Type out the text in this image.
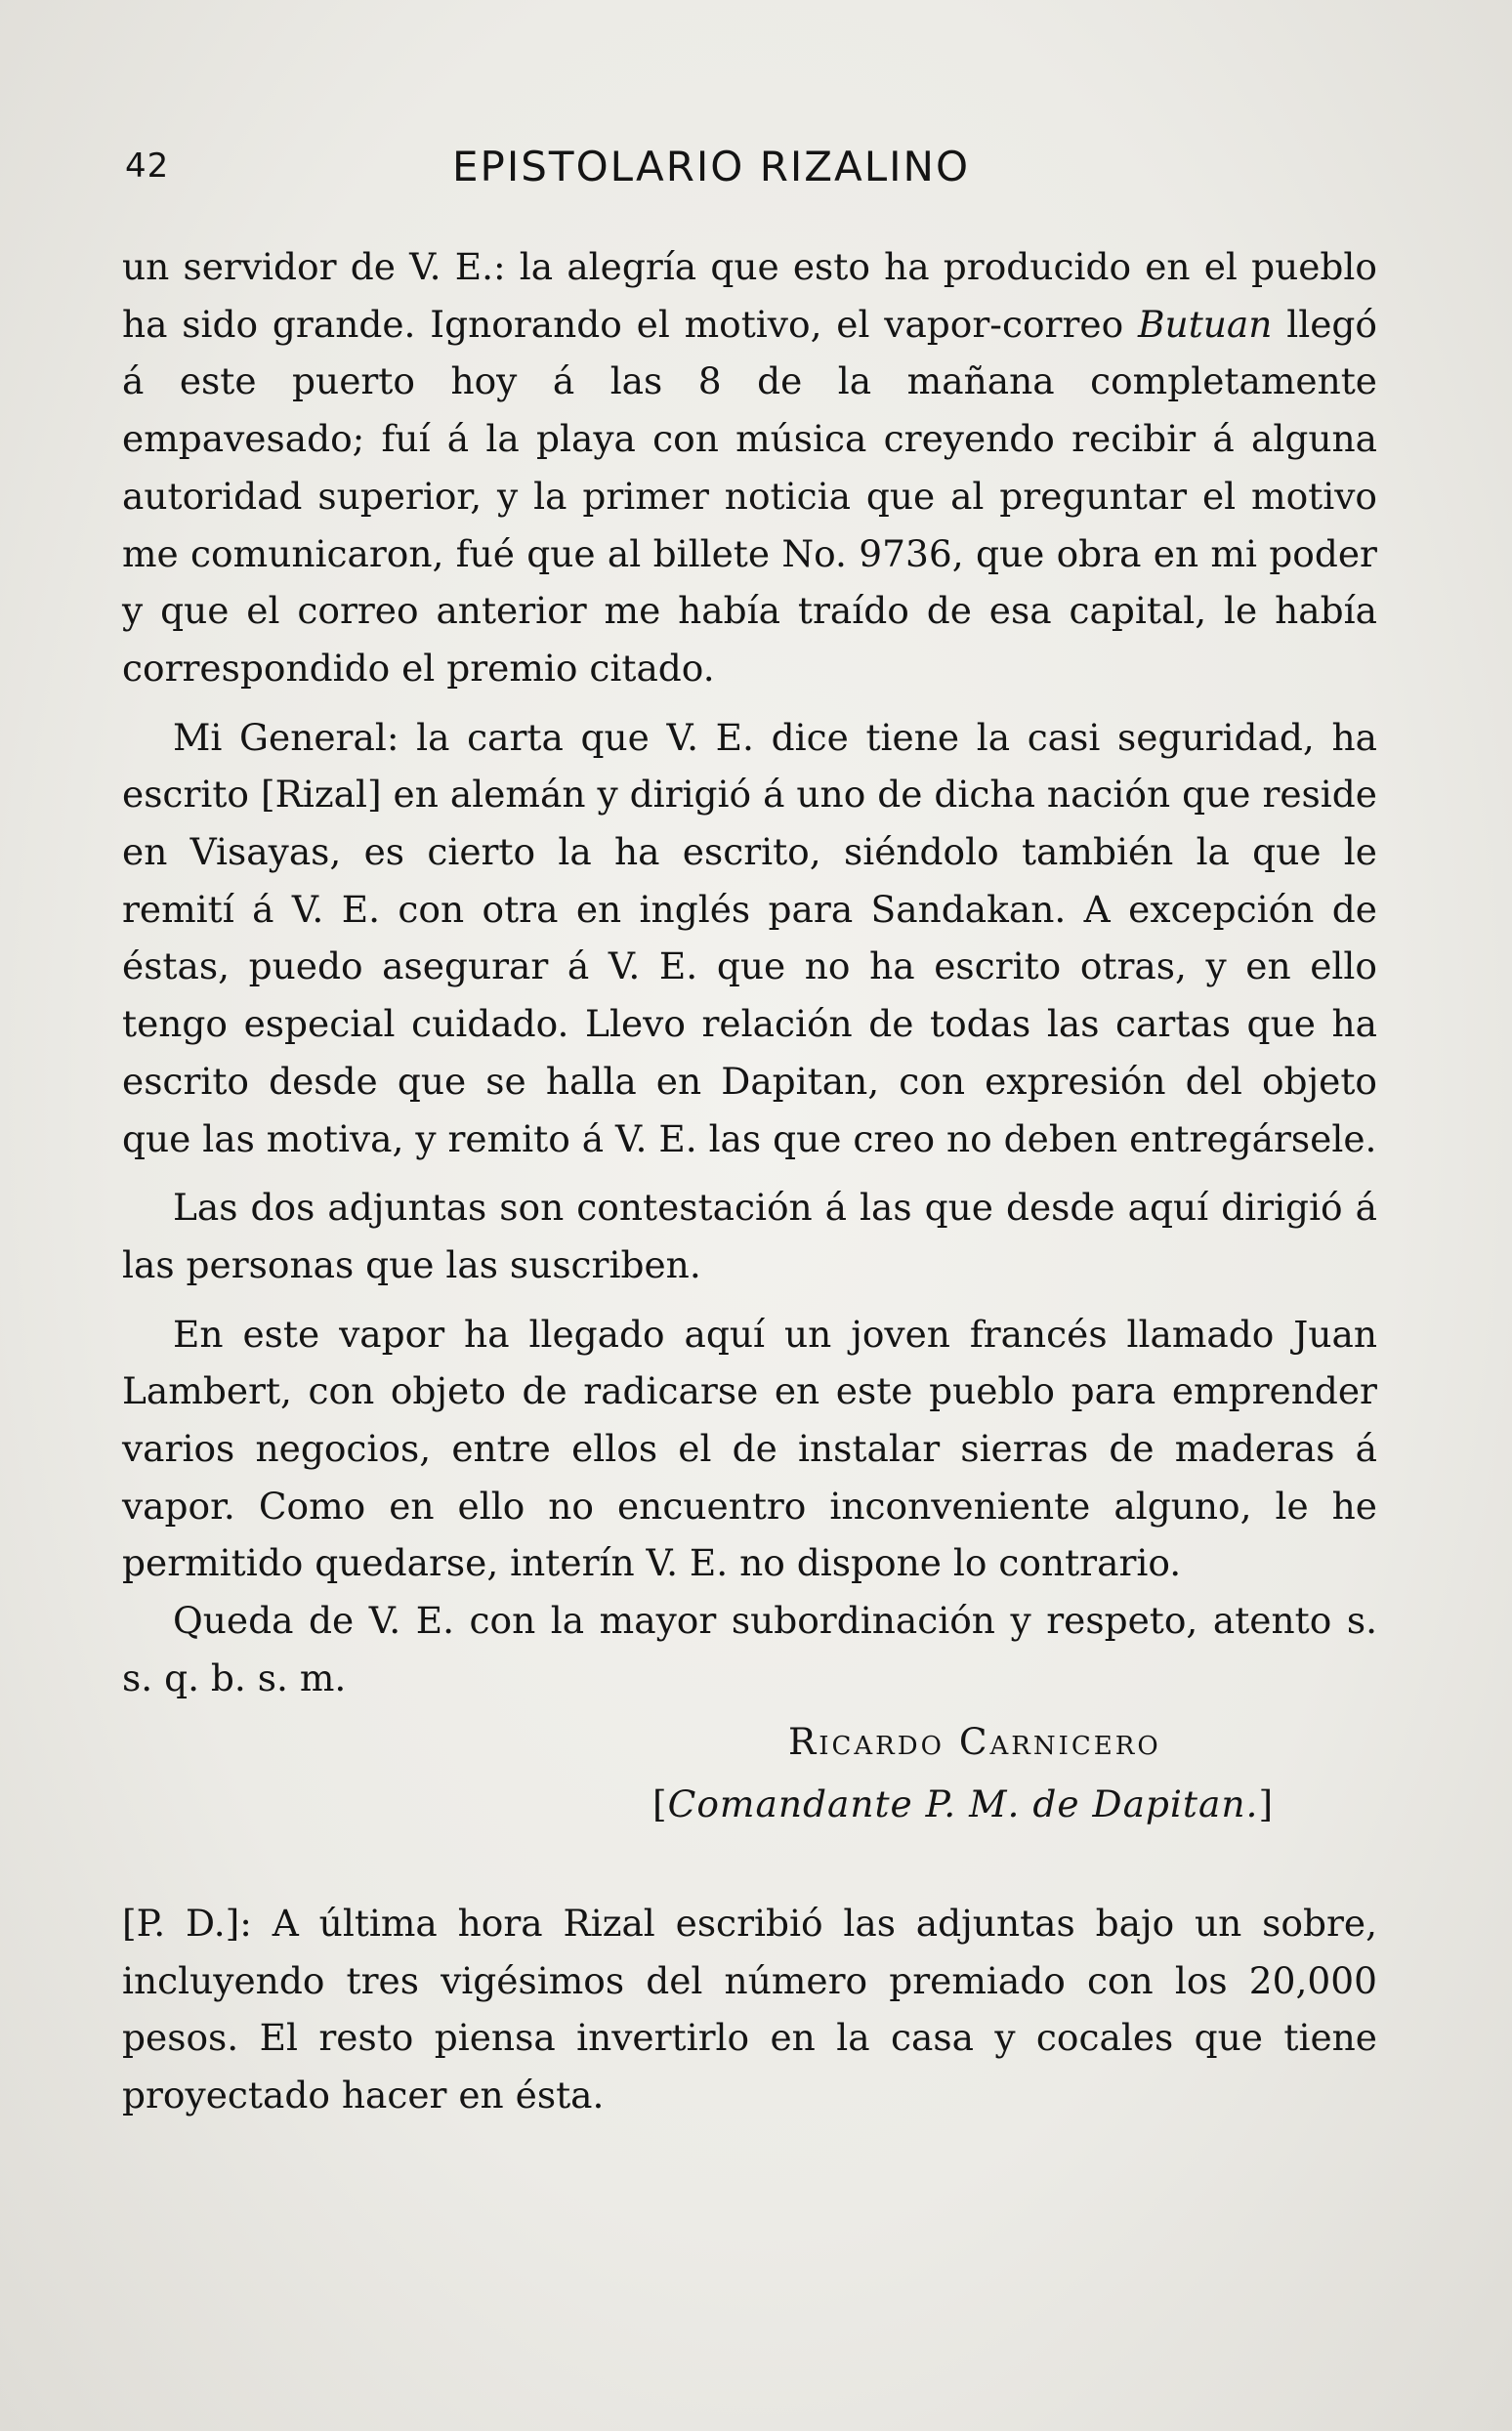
42	EPISTOLARIO RIZALINO

un servidor de V. E.: la alegría que esto ha producido en el pueblo ha sido grande. Ignorando el motivo, el vapor-correo Butuan llegó á este puerto hoy á las 8 de la mañana completamente empavesado; fuí á la playa con música creyendo recibir á alguna autoridad superior, y la primer noticia que al preguntar el motivo me comunicaron, fué que al billete No. 9736, que obra en mi poder y que el correo anterior me había traído de esa capital, le había correspondido el premio citado.

Mi General: la carta que V. E. dice tiene la casi seguridad, ha escrito [Rizal] en alemán y dirigió á uno de dicha nación que reside en Visayas, es cierto la ha escrito, siéndolo también la que le remití á V. E. con otra en inglés para Sandakan. A excepción de éstas, puedo asegurar á V. E. que no ha escrito otras, y en ello tengo especial cuidado. Llevo relación de todas las cartas que ha escrito desde que se halla en Dapitan, con expresión del objeto que las motiva, y remito á V. E. las que creo no deben entregársele.

Las dos adjuntas son contestación á las que desde aquí dirigió á las personas que las suscriben.

En este vapor ha llegado aquí un joven francés llamado Juan Lambert, con objeto de radicarse en este pueblo para emprender varios negocios, entre ellos el de instalar sierras de maderas á vapor. Como en ello no encuentro inconveniente alguno, le he permitido quedarse, interín V. E. no dispone lo contrario.

Queda de V. E. con la mayor subordinación y respeto, atento s. s. q. b. s. m.

Ricardo Carnicero
[Comandante P. M. de Dapitan.]

[P. D.]: A última hora Rizal escribió las adjuntas bajo un sobre, incluyendo tres vigésimos del número premiado con los 20,000 pesos. El resto piensa invertirlo en la casa y cocales que tiene proyectado hacer en ésta.
